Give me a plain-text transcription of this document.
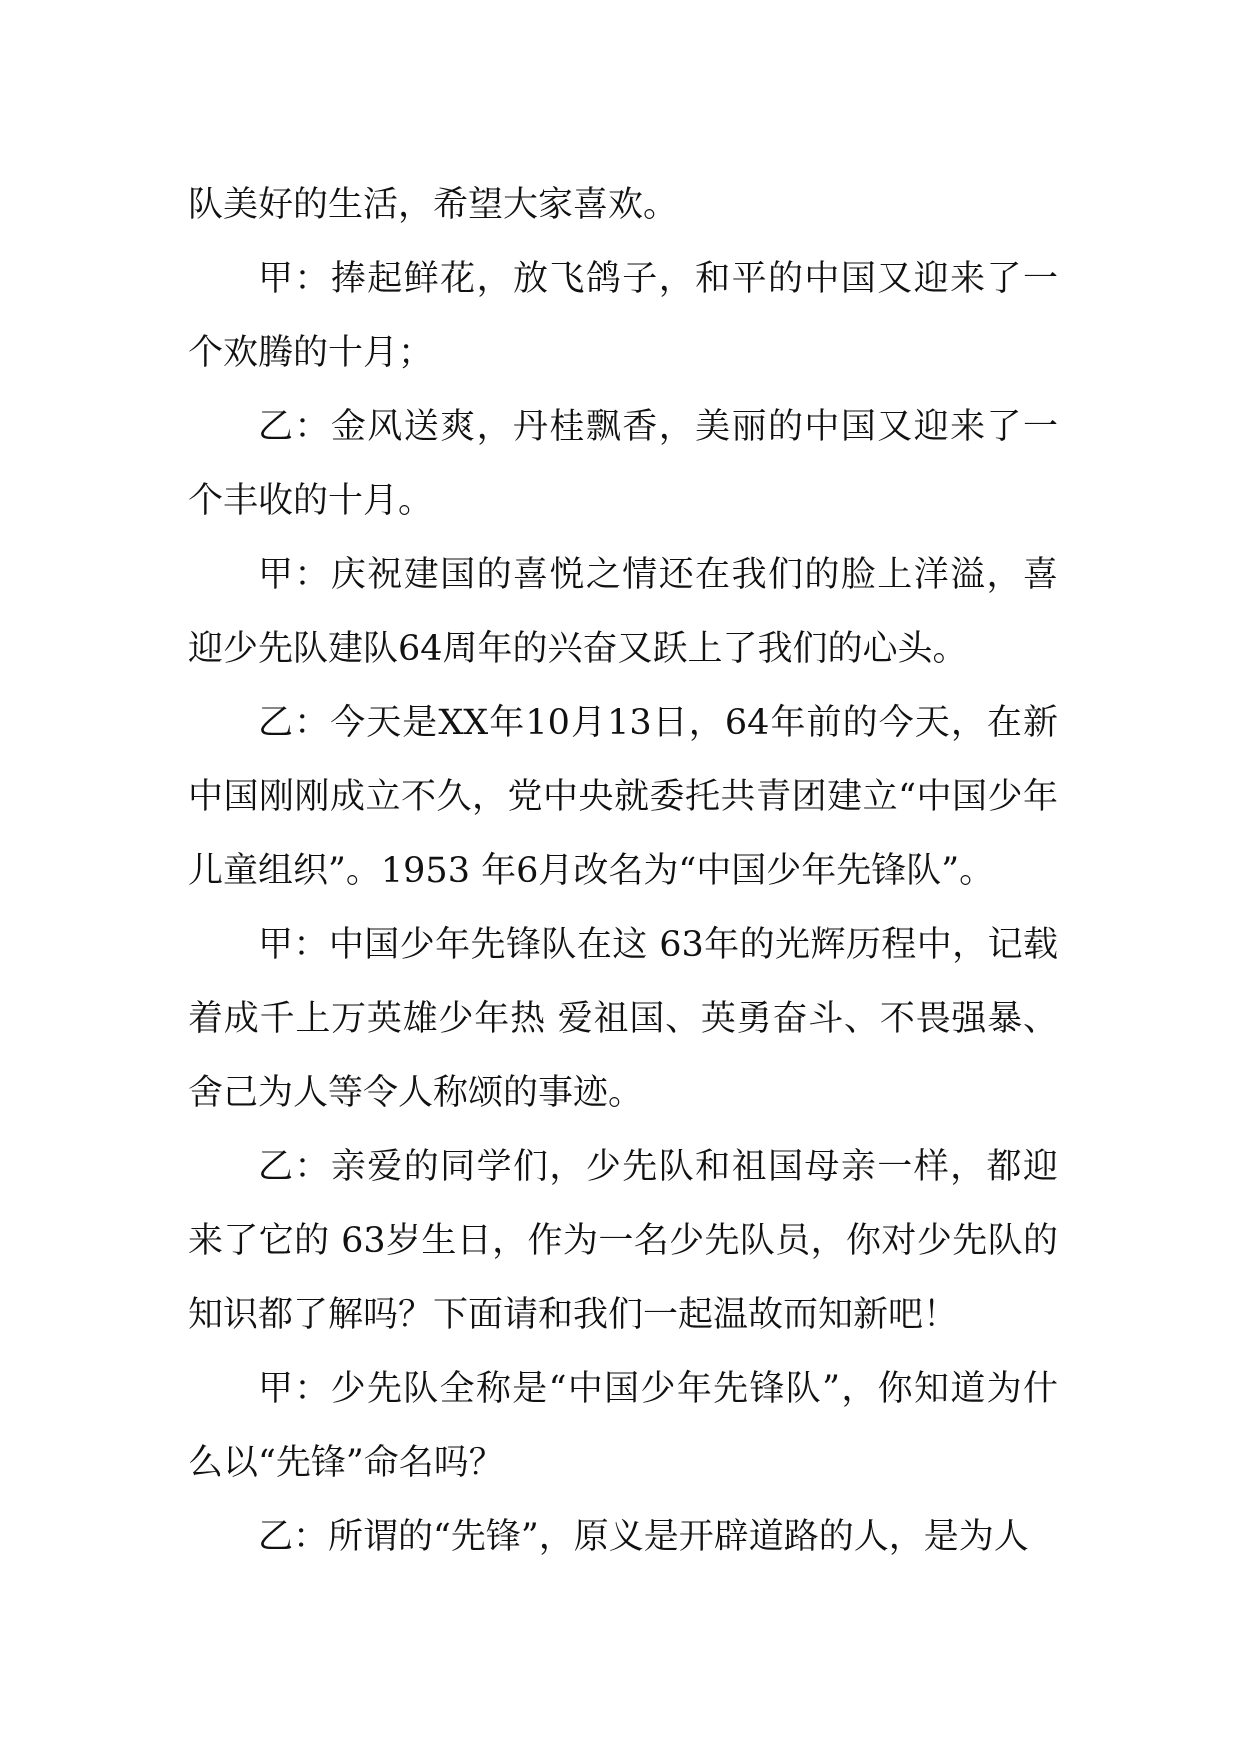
队美好的生活，希望大家喜欢。

甲：捧起鲜花，放飞鸽子，和平的中国又迎来了一个欢腾的十月；

乙：金风送爽，丹桂飘香，美丽的中国又迎来了一个丰收的十月。

甲：庆祝建国的喜悦之情还在我们的脸上洋溢，喜迎少先队建队64周年的兴奋又跃上了我们的心头。

乙：今天是XX年10月13日，64年前的今天，在新中国刚刚成立不久，党中央就委托共青团建立“中国少年儿童组织”。1953 年6月改名为“中国少年先锋队”。

甲：中国少年先锋队在这 63年的光辉历程中，记载着成千上万英雄少年热 爱祖国、英勇奋斗、不畏强暴、舍己为人等令人称颂的事迹。

乙：亲爱的同学们，少先队和祖国母亲一样，都迎来了它的 63岁生日，作为一名少先队员，你对少先队的知识都了解吗？下面请和我们一起温故而知新吧！

甲：少先队全称是“中国少年先锋队”，你知道为什么以“先锋”命名吗？

乙：所谓的“先锋”，原义是开辟道路的人，是为人
